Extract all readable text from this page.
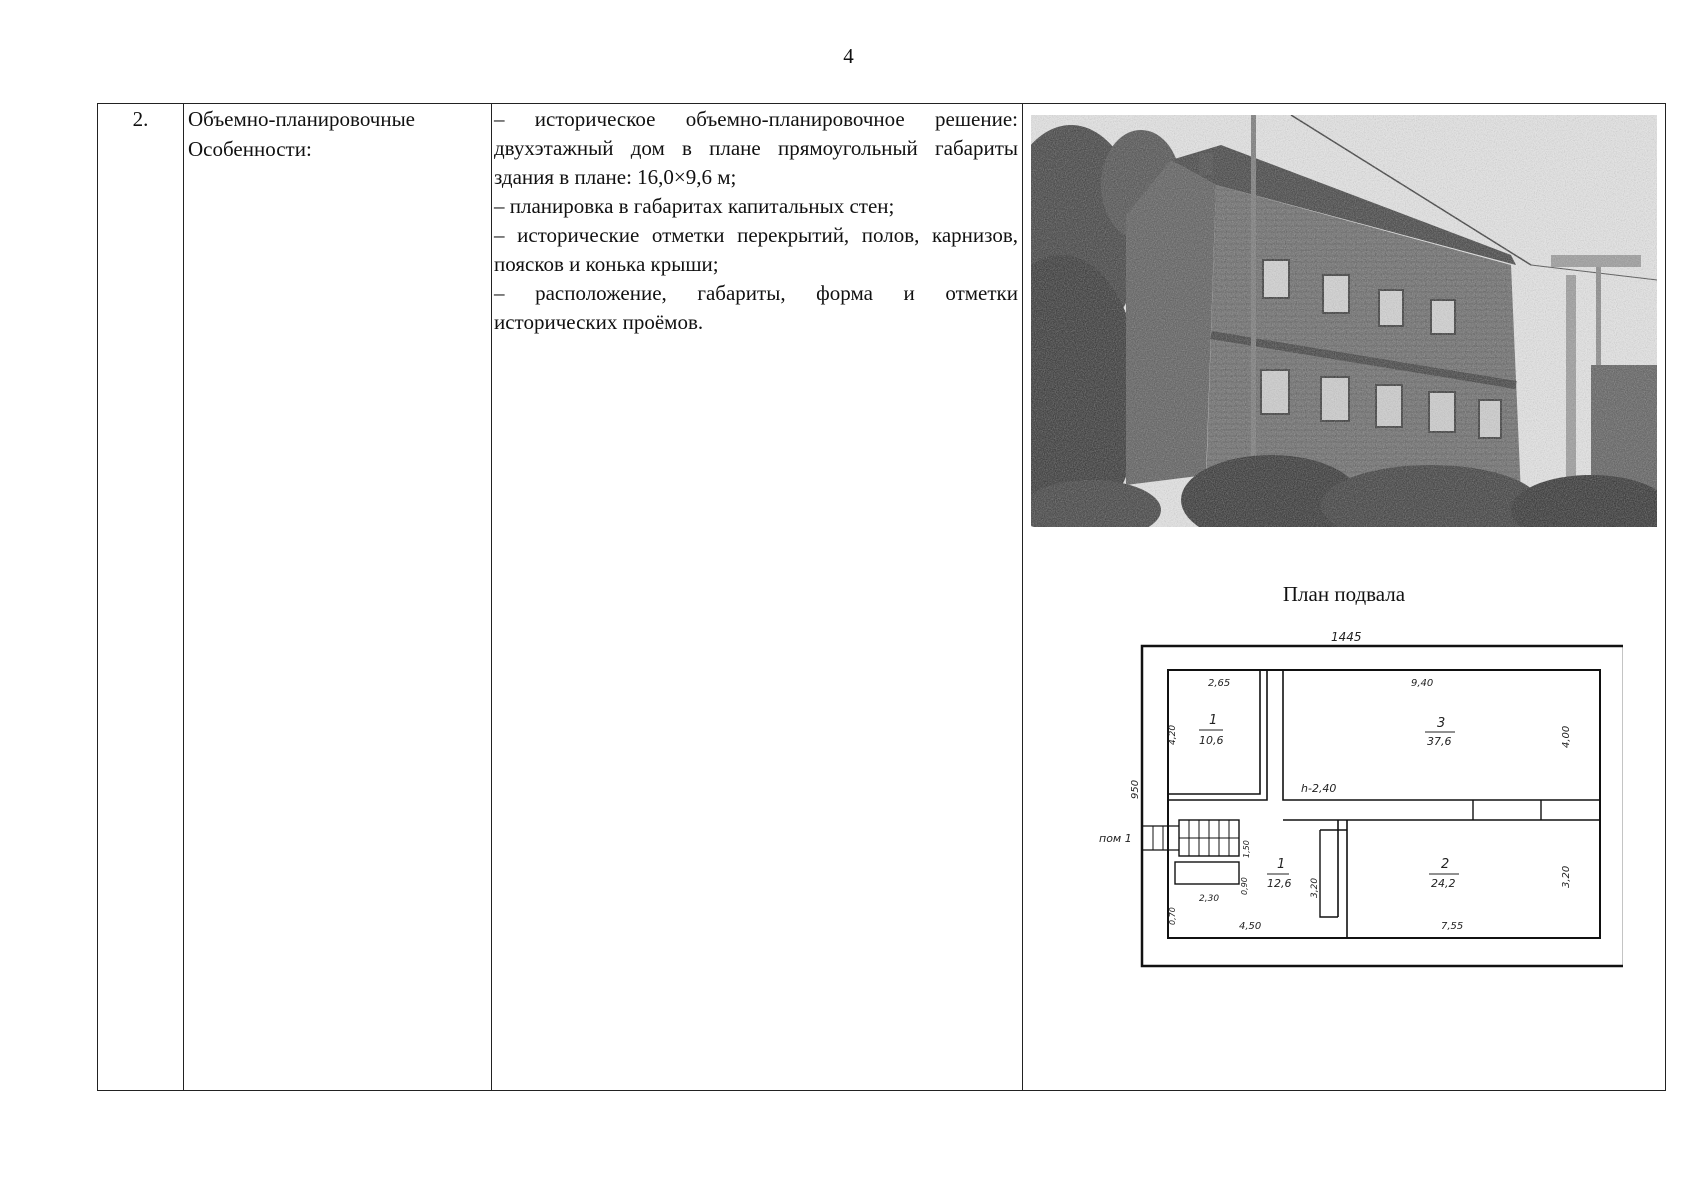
4
2.	Объемно-планировочные
Особенности:

– историческое объемно-планировочное решение: двухэтажный дом в плане прямоугольный габариты здания в плане: 16,0×9,6 м;
– планировка в габаритах капитальных стен;
– исторические отметки перекрытий, полов, карнизов, поясков и конька крыши;
– расположение, габариты, форма и отметки исторических проёмов.

План подвала
1445
2,65	9,40
1
10,6
3
37,6
4,20	4,00
950	h-2,40
пом 1
1,50
1
12,6 3,20
2
24,2	3,20
2,30
0,90
0,70
4,50	7,55
